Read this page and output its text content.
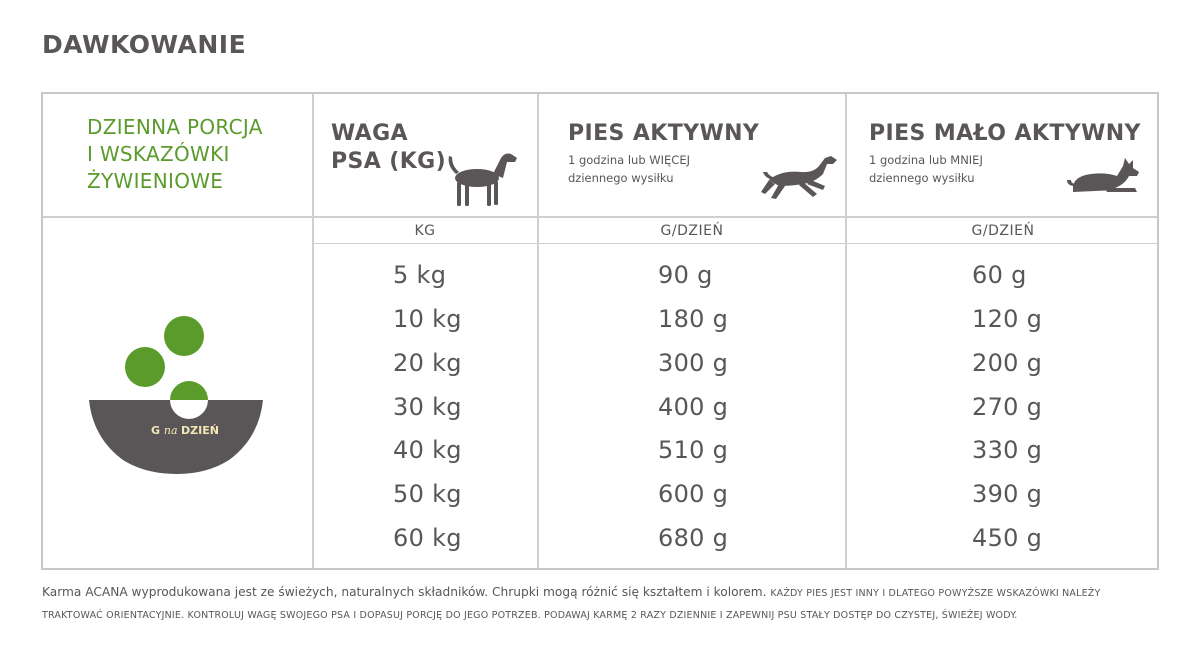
DAWKOWANIE
DZIENNA PORCJA
I WSKAZÓWKI
ŻYWIENIOWE
WAGA
PSA (KG)
PIES AKTYWNY
1 godzina lub WIĘCEJ
dziennego wysiłku
PIES MAŁO AKTYWNY
1 godzina lub MNIEJ
dziennego wysiłku
KG	G/DZIEŃ	G/DZIEŃ
G na DZIEŃ
5 kg
10 kg
20 kg
30 kg
40 kg
50 kg
60 kg
90 g
180 g
300 g
400 g
510 g
600 g
680 g
60 g
120 g
200 g
270 g
330 g
390 g
450 g
Karma ACANA wyprodukowana jest ze świeżych, naturalnych składników. Chrupki mogą różnić się kształtem i kolorem. KAŻDY PIES JEST INNY I DLATEGO POWYŻSZE WSKAZÓWKI NALEŻY TRAKTOWAĆ ORIENTACYJNIE. KONTROLUJ WAGĘ SWOJEGO PSA I DOPASUJ PORCJĘ DO JEGO POTRZEB. PODAWAJ KARMĘ 2 RAZY DZIENNIE I ZAPEWNIJ PSU STAŁY DOSTĘP DO CZYSTEJ, ŚWIEŻEJ WODY.
